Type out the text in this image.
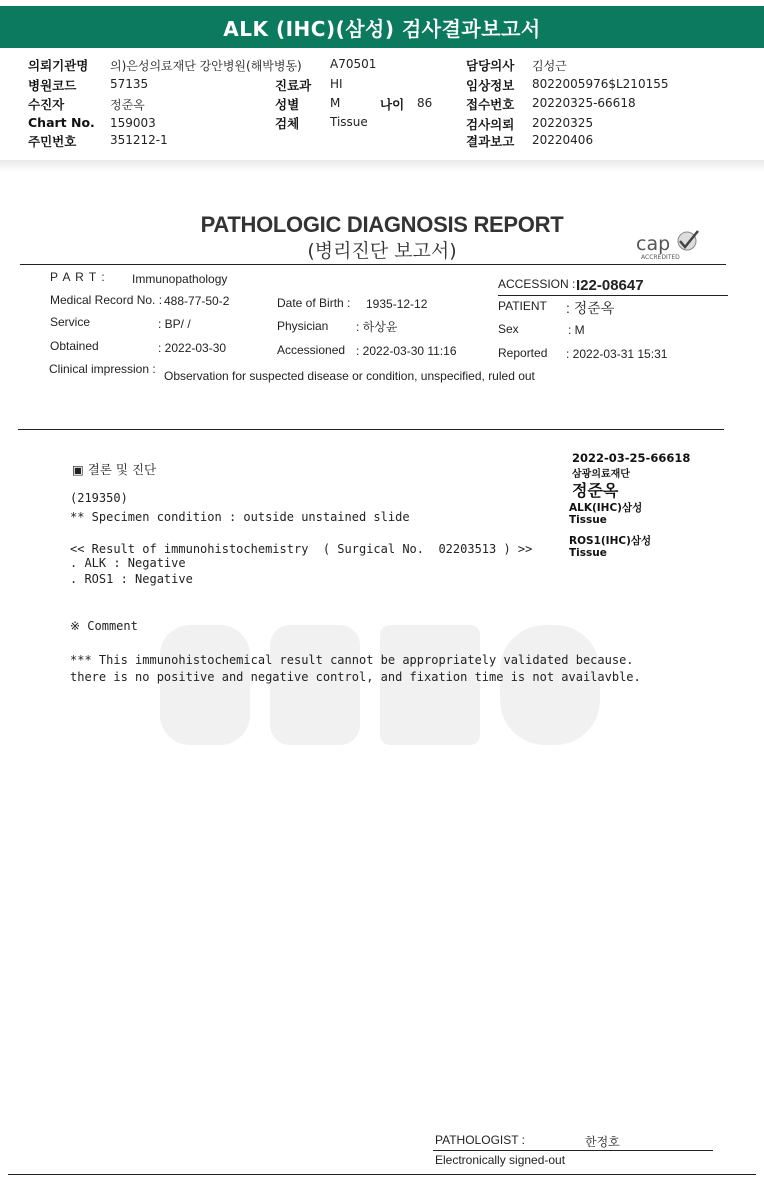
ALK (IHC)(삼성) 검사결과보고서
의뢰기관명 의)은성의료재단 강안병원(해박병동) A70501	담당의사 김성근
병원코드	57135	진료과 HI	임상정보 8022005976$L210155
수진자	정준옥	성별	M	나이 86	접수번호 20220325-66618
Chart No. 159003	검체	Tissue	검사의뢰 20220325
주민번호	351212-1	결과보고 20220406
PATHOLOGIC DIAGNOSIS REPORT
(병리진단 보고서)	cap
ACCREDITED
P A R T : Immunopathology	ACCESSION : I22-08647
Medical Record No. : 488-77-50-2	Date of Birth : 1935-12-12	PATIENT : 정준옥
Service	: BP/ /	Physician : 하상윤	Sex	: M
Obtained	: 2022-03-30	Accessioned : 2022-03-30 11:16	Reported : 2022-03-31 15:31
Clinical impression : Observation for suspected disease or condition, unspecified, ruled out
▣ 결론 및 진단
(219350)
** Specimen condition : outside unstained slide
<< Result of immunohistochemistry  ( Surgical No.  02203513 ) >>
. ALK : Negative
. ROS1 : Negative
※ Comment
*** This immunohistochemical result cannot be appropriately validated because.
there is no positive and negative control, and fixation time is not availavble.
2022-03-25-66618
삼광의료재단
정준옥
ALK(IHC)삼성
Tissue
ROS1(IHC)삼성
Tissue
PATHOLOGIST :	한정호
Electronically signed-out
